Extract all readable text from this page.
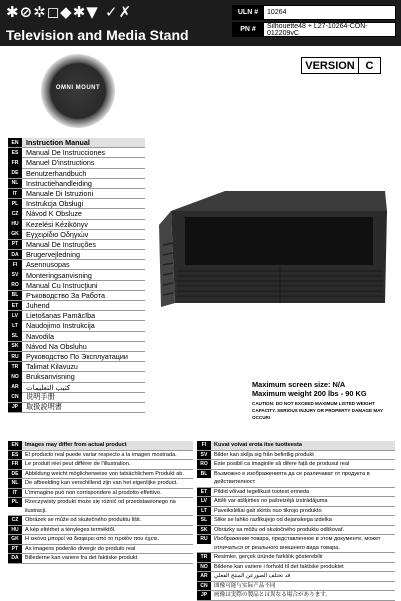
✱⊘✲◻◆✱▼ ✓✗
Television and Media Stand
ULN #	10264
PN #	Silhouette48 + L27-10264-CON-012209vC
VERSION C
OMNI MOUNT
EN	Instruction Manual
ES	Manual De Instrucciones
FR	Manuel D'instructions
DE	Benutzerhandbuch
NL	Instructiehandleiding
IT	Manuale Di Istruzioni
PL	Instrukcja Obsługi
CZ	Návod K Obsluze
HU	Kezelési Kézikönyv
GK	Εγχειρίδιο Οδηγιών
PT	Manual De Instruções
DA	Brugervejledning
FI	Asennusopas
SV	Monteringsanvisning
RO	Manual Cu Instrucţiuni
BL	Ръководство За Работа
ET	Juhend
LV	Lietošanas Pamācība
LT	Naudojimo Instrukcija
SL	Navodila
SK	Návod Na Obsluhu
RU	Руководство По Эксплуатации
TR	Talimat Kilavuzu
NO	Bruksanvisning
AR	كتيب التعليمات
CN	说明手册
JP	取扱説明書
Maximum screen size: N/A
Maximum weight 200 lbs - 90 KG
CAUTION: DO NOT EXCEED MAXIMUM LISTED WEIGHT CAPACITY. SERIOUS INJURY OR PROPERTY DAMAGE MAY OCCUR!
EN	Images may differ from actual product
ES	El producto real puede variar respecto a la imagen mostrada.
FR	Le produit réel peut différer de l'illustration.
DE	Abbildung weicht möglicherweise von tatsächlichem Produkt ab.
NL	De afbeelding kan verschillend zijn van het eigenlijke product.
IT	L'immagine può non corrispondere al prodotto effettivo.
PL	Rzeczywisty produkt może się różnić od przedstawionego na ilustracji.
CZ	Obrázek se může od skutečného produktu lišit.
HU	A kép eltérhet a tényleges terméktől.
GK	Η εικόνα μπορεί να διαφέρει από το προϊόν που έχετε.
PT	As imagens poderão divergir do produto real
DA	Billederne kan variere fra det faktiske produkt
FI	Kuvat voivat erota itse tuotteesta
SV	Bilder kan skilja sig från befintlig produkt
RO	Este posibil ca imaginile să difere față de produsul real
BL	Възможно е изображенията да се различават от продукта в действителност
ET	Pildid võivad tegelikust tootest erineda
LV	Attēli var atšķirties no pašreizējā izstrādājuma
LT	Paveikslėliai gali skirtis nuo tikrojo produkto
SL	Slike se lahko razlikujejo od dejanskega izdelka
SK	Obrázky sa môžu od skutočného produktu odlišovať.
RU	Изображение товара, представленное в этом документе, может отличаться от реального внешнего вида товара.
TR	Resimler, gerçek üründe farklılık gösterebilir
NO	Bildene kan variere i forhold til det faktiske produktet
AR	قد تختلف الصورعن المنتج الفعلي
CN	图像可能与实际产品不同
JP	画像は実際の製品とは異なる場合があります。
